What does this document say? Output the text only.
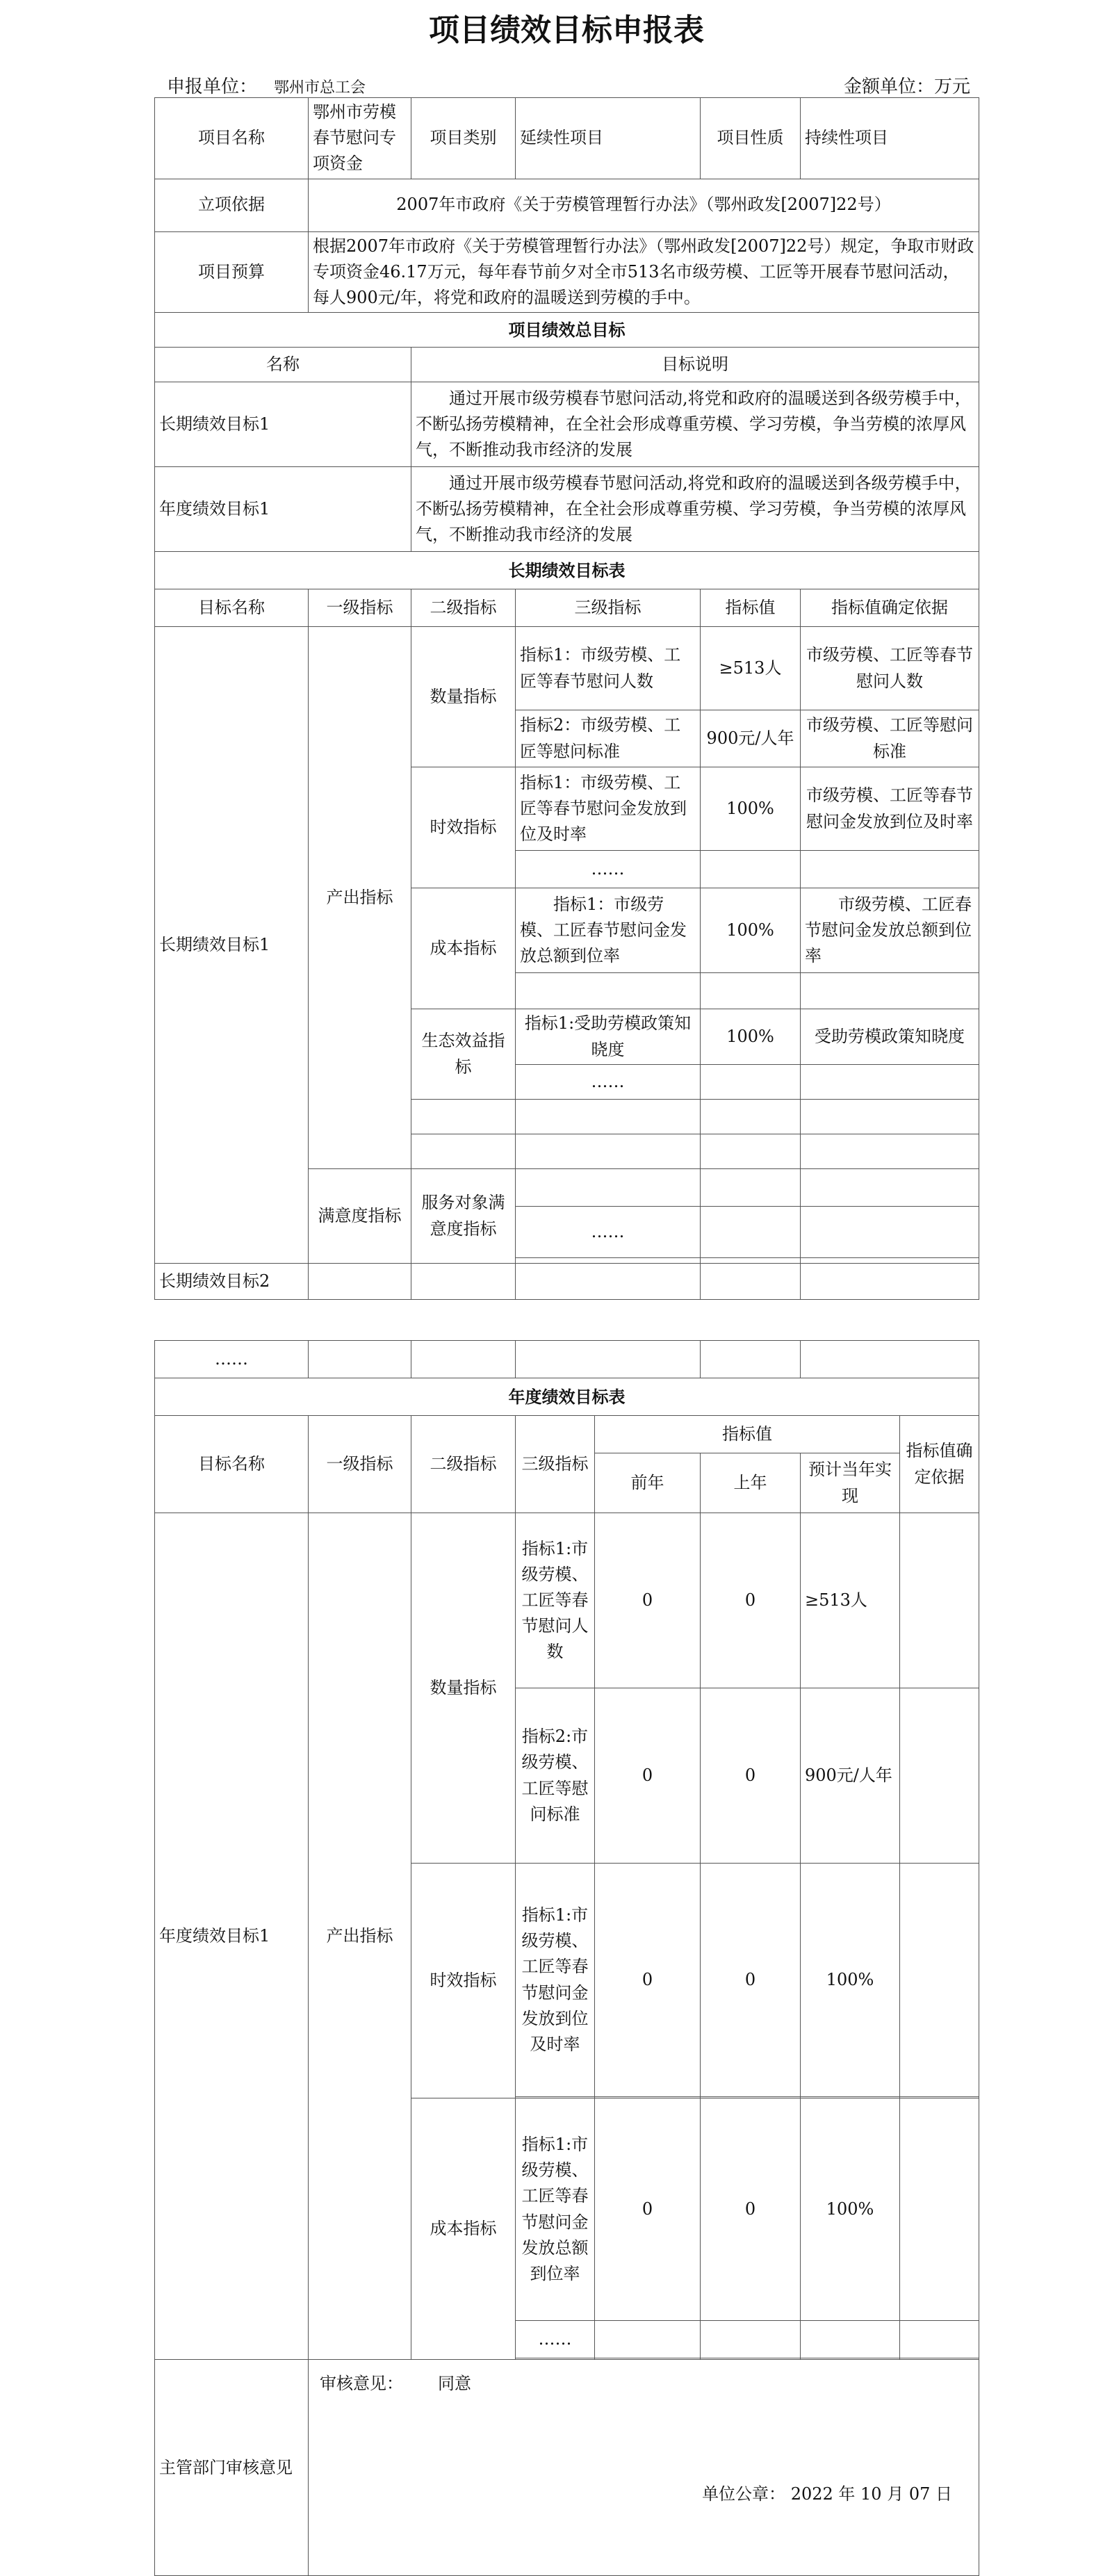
项目绩效目标申报表
申报单位： 鄂州市总工会	金额单位：万元
项目名称	鄂州市劳模春节慰问专项资金	项目类别	延续性项目	项目性质	持续性项目
立项依据	2007年市政府《关于劳模管理暂行办法》（鄂州政发[2007]22号）				
项目预算	根据2007年市政府《关于劳模管理暂行办法》（鄂州政发[2007]22号）规定，争取市财政专项资金46.17万元，每年春节前夕对全市513名市级劳模、工匠等开展春节慰问活动，每人900元/年，将党和政府的温暖送到劳模的手中。				
项目绩效总目标					
名称		目标说明			
长期绩效目标1		通过开展市级劳模春节慰问活动,将党和政府的温暖送到各级劳模手中，不断弘扬劳模精神，在全社会形成尊重劳模、学习劳模，争当劳模的浓厚风气，不断推动我市经济的发展			
年度绩效目标1		通过开展市级劳模春节慰问活动,将党和政府的温暖送到各级劳模手中，不断弘扬劳模精神，在全社会形成尊重劳模、学习劳模，争当劳模的浓厚风气，不断推动我市经济的发展			
长期绩效目标表					
目标名称	一级指标	二级指标	三级指标	指标值	指标值确定依据
长期绩效目标1	产出指标	数量指标	指标1：市级劳模、工匠等春节慰问人数	≥513人	市级劳模、工匠等春节慰问人数
			指标2：市级劳模、工匠等慰问标准	900元/人年	市级劳模、工匠等慰问标准
		时效指标	指标1：市级劳模、工匠等春节慰问金发放到位及时率	100%	市级劳模、工匠等春节慰问金发放到位及时率
			……		
		成本指标	指标1：市级劳模、工匠春节慰问金发放总额到位率	100%	市级劳模、工匠春节慰问金发放总额到位率

		生态效益指标	指标1:受助劳模政策知晓度	100%	受助劳模政策知晓度
			……		

	满意度指标	服务对象满意度指标			
			……		

长期绩效目标2					
……								
年度绩效目标表								
目标名称	一级指标	二级指标	三级指标	指标值			指标值确定依据	
				前年	上年	预计当年实现		
年度绩效目标1	产出指标	数量指标	指标1:市级劳模、工匠等春节慰问人数	0	0	≥513人		
			指标2:市级劳模、工匠等慰问标准	0	0	900元/人年		
		时效指标	指标1:市级劳模、工匠等春节慰问金发放到位及时率	0	0	100%		

		成本指标	指标1:市级劳模、工匠等春节慰问金发放总额到位率	0	0	100%		
			……					

主管部门审核意见	审核意见： 同意
单位公章： 2022 年 10 月 07 日							
